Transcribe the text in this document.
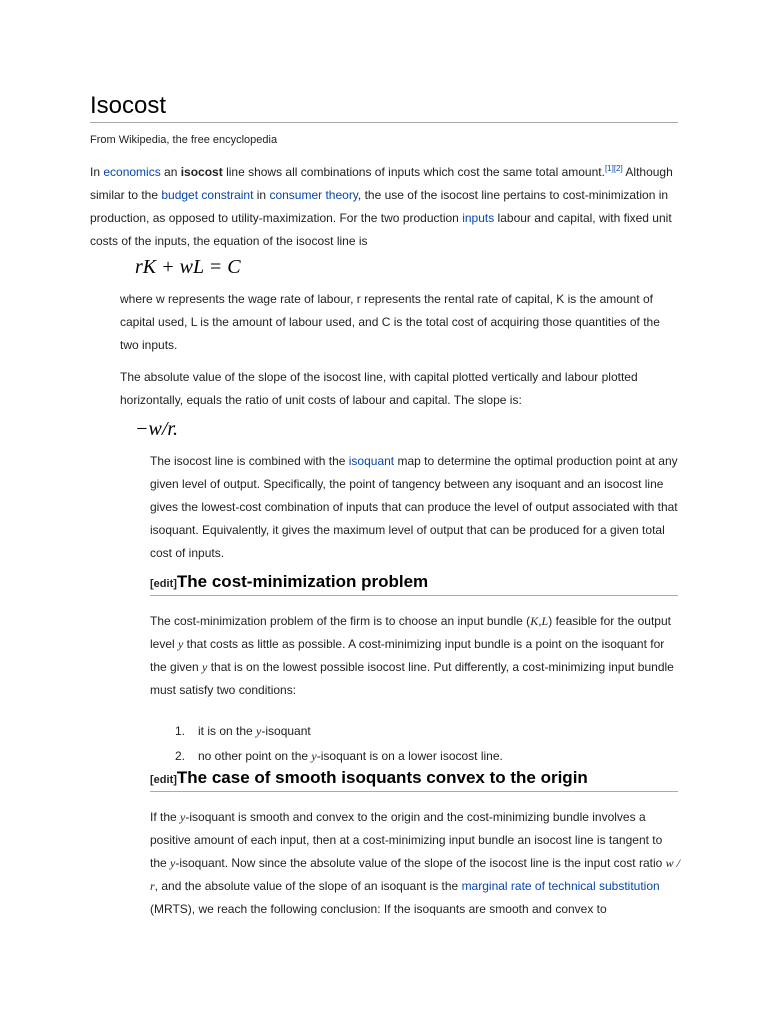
Isocost
From Wikipedia, the free encyclopedia

In economics an isocost line shows all combinations of inputs which cost the same total amount.[1][2] Although similar to the budget constraint in consumer theory, the use of the isocost line pertains to cost-minimization in production, as opposed to utility-maximization. For the two production inputs labour and capital, with fixed unit costs of the inputs, the equation of the isocost line is

rK + wL = C

where w represents the wage rate of labour, r represents the rental rate of capital, K is the amount of capital used, L is the amount of labour used, and C is the total cost of acquiring those quantities of the two inputs.

The absolute value of the slope of the isocost line, with capital plotted vertically and labour plotted horizontally, equals the ratio of unit costs of labour and capital. The slope is:

−w/r.

The isocost line is combined with the isoquant map to determine the optimal production point at any given level of output. Specifically, the point of tangency between any isoquant and an isocost line gives the lowest-cost combination of inputs that can produce the level of output associated with that isoquant. Equivalently, it gives the maximum level of output that can be produced for a given total cost of inputs.

[edit]The cost-minimization problem

The cost-minimization problem of the firm is to choose an input bundle (K,L) feasible for the output level y that costs as little as possible. A cost-minimizing input bundle is a point on the isoquant for the given y that is on the lowest possible isocost line. Put differently, a cost-minimizing input bundle must satisfy two conditions:

1. it is on the y-isoquant
2. no other point on the y-isoquant is on a lower isocost line.
[edit]The case of smooth isoquants convex to the origin

If the y-isoquant is smooth and convex to the origin and the cost-minimizing bundle involves a positive amount of each input, then at a cost-minimizing input bundle an isocost line is tangent to the y-isoquant. Now since the absolute value of the slope of the isocost line is the input cost ratio w / r, and the absolute value of the slope of an isoquant is the marginal rate of technical substitution (MRTS), we reach the following conclusion: If the isoquants are smooth and convex to
